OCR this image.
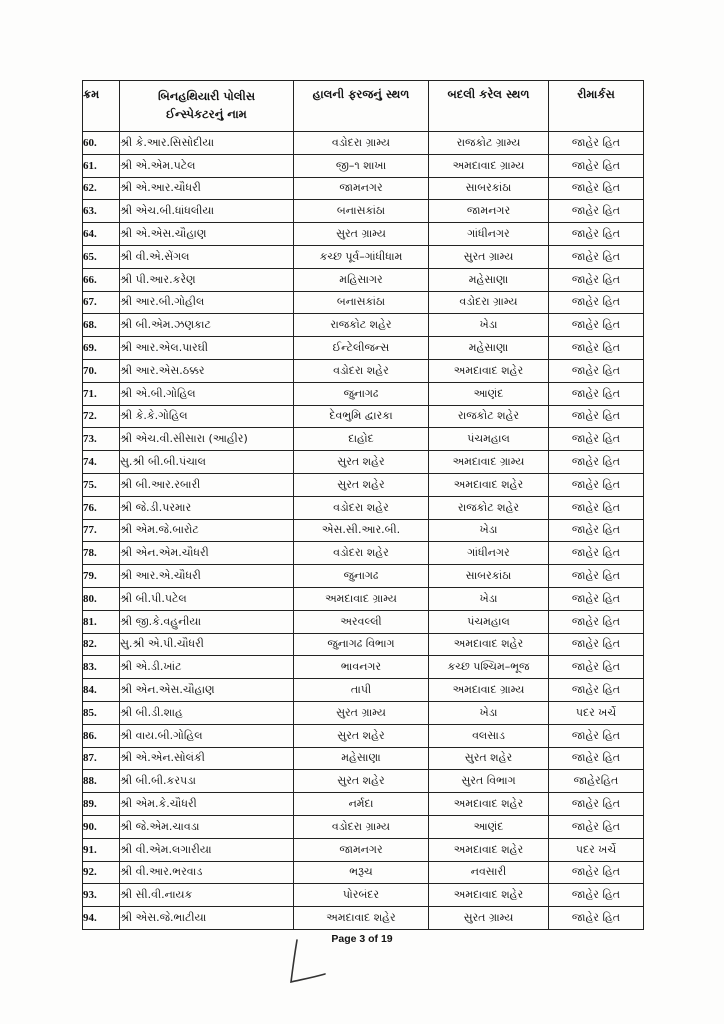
ક્રમ	બિનહથિયારી પોલીસ
ઈન્સ્પેકટરનું નામ	હાલની ફરજનું સ્થળ	બદલી કરેલ સ્થળ	રીમાર્કસ
60.	શ્રી કે.આર.સિસોદીયા	વડોદરા ગ્રામ્ય	રાજકોટ ગ્રામ્ય	જાહેર હિત
61.	શ્રી એ.એમ.પટેલ	જી–૧ શાખા	અમદાવાદ ગ્રામ્ય	જાહેર હિત
62.	શ્રી એ.આર.ચૌધરી	જામનગર	સાબરકાંઠા	જાહેર હિત
63.	શ્રી એચ.બી.ધાંધલીયા	બનાસકાંઠા	જામનગર	જાહેર હિત
64.	શ્રી એ.એસ.ચૌહાણ	સુરત ગ્રામ્ય	ગાંધીનગર	જાહેર હિત
65.	શ્રી વી.એ.સેંગલ	કચ્છ પૂર્વ–ગાંધીધામ	સુરત ગ્રામ્ય	જાહેર હિત
66.	શ્રી પી.આર.કરેણ	મહિસાગર	મહેસાણા	જાહેર હિત
67.	શ્રી આર.બી.ગોહીલ	બનાસકાંઠા	વડોદરા ગ્રામ્ય	જાહેર હિત
68.	શ્રી બી.એમ.ઝણકાટ	રાજકોટ શહેર	ખેડા	જાહેર હિત
69.	શ્રી આર.એલ.પારઘી	ઈન્ટેલીજન્સ	મહેસાણા	જાહેર હિત
70.	શ્રી આર.એસ.ઠક્કર	વડોદરા શહેર	અમદાવાદ શહેર	જાહેર હિત
71.	શ્રી એ.બી.ગોહિલ	જુનાગઢ	આણંદ	જાહેર હિત
72.	શ્રી કે.કે.ગોહિલ	દેવભુમિ દ્વારકા	રાજકોટ શહેર	જાહેર હિત
73.	શ્રી એચ.વી.સીસારા (આહીર)	દાહોદ	પંચમહાલ	જાહેર હિત
74.	સુ.શ્રી બી.બી.પંચાલ	સુરત શહેર	અમદાવાદ ગ્રામ્ય	જાહેર હિત
75.	શ્રી બી.આર.રબારી	સુરત શહેર	અમદાવાદ શહેર	જાહેર હિત
76.	શ્રી જે.ડી.પરમાર	વડોદરા શહેર	રાજકોટ શહેર	જાહેર હિત
77.	શ્રી એમ.જે.બારોટ	એસ.સી.આર.બી.	ખેડા	જાહેર હિત
78.	શ્રી એન.એમ.ચૌધરી	વડોદરા શહેર	ગાંધીનગર	જાહેર હિત
79.	શ્રી આર.એ.ચૌધરી	જુનાગઢ	સાબરકાંઠા	જાહેર હિત
80.	શ્રી બી.પી.પટેલ	અમદાવાદ ગ્રામ્ય	ખેડા	જાહેર હિત
81.	શ્રી જી.કે.વહુનીયા	અરવલ્લી	પંચમહાલ	જાહેર હિત
82.	સુ.શ્રી એ.પી.ચૌધરી	જુનાગઢ વિભાગ	અમદાવાદ શહેર	જાહેર હિત
83.	શ્રી એ.ડી.ખાંટ	ભાવનગર	કચ્છ પશ્ચિમ–ભૂજ	જાહેર હિત
84.	શ્રી એન.એસ.ચૌહાણ	તાપી	અમદાવાદ ગ્રામ્ય	જાહેર હિત
85.	શ્રી બી.ડી.શાહ	સુરત ગ્રામ્ય	ખેડા	પદર ખર્ચે
86.	શ્રી વાય.બી.ગોહિલ	સુરત શહેર	વલસાડ	જાહેર હિત
87.	શ્રી એ.એન.સોલંકી	મહેસાણા	સુરત શહેર	જાહેર હિત
88.	શ્રી બી.બી.કરપડા	સુરત શહેર	સુરત વિભાગ	જાહેરહિત
89.	શ્રી એમ.કે.ચૌધરી	નર્મદા	અમદાવાદ શહેર	જાહેર હિત
90.	શ્રી જે.એમ.ચાવડા	વડોદરા ગ્રામ્ય	આણંદ	જાહેર હિત
91.	શ્રી વી.એમ.લગારીયા	જામનગર	અમદાવાદ શહેર	પદર ખર્ચે
92.	શ્રી વી.આર.ભરવાડ	ભરૂચ	નવસારી	જાહેર હિત
93.	શ્રી સી.વી.નાયક	પોરબંદર	અમદાવાદ શહેર	જાહેર હિત
94.	શ્રી એસ.જે.ભાટીયા	અમદાવાદ શહેર	સુરત ગ્રામ્ય	જાહેર હિત
Page 3 of 19
